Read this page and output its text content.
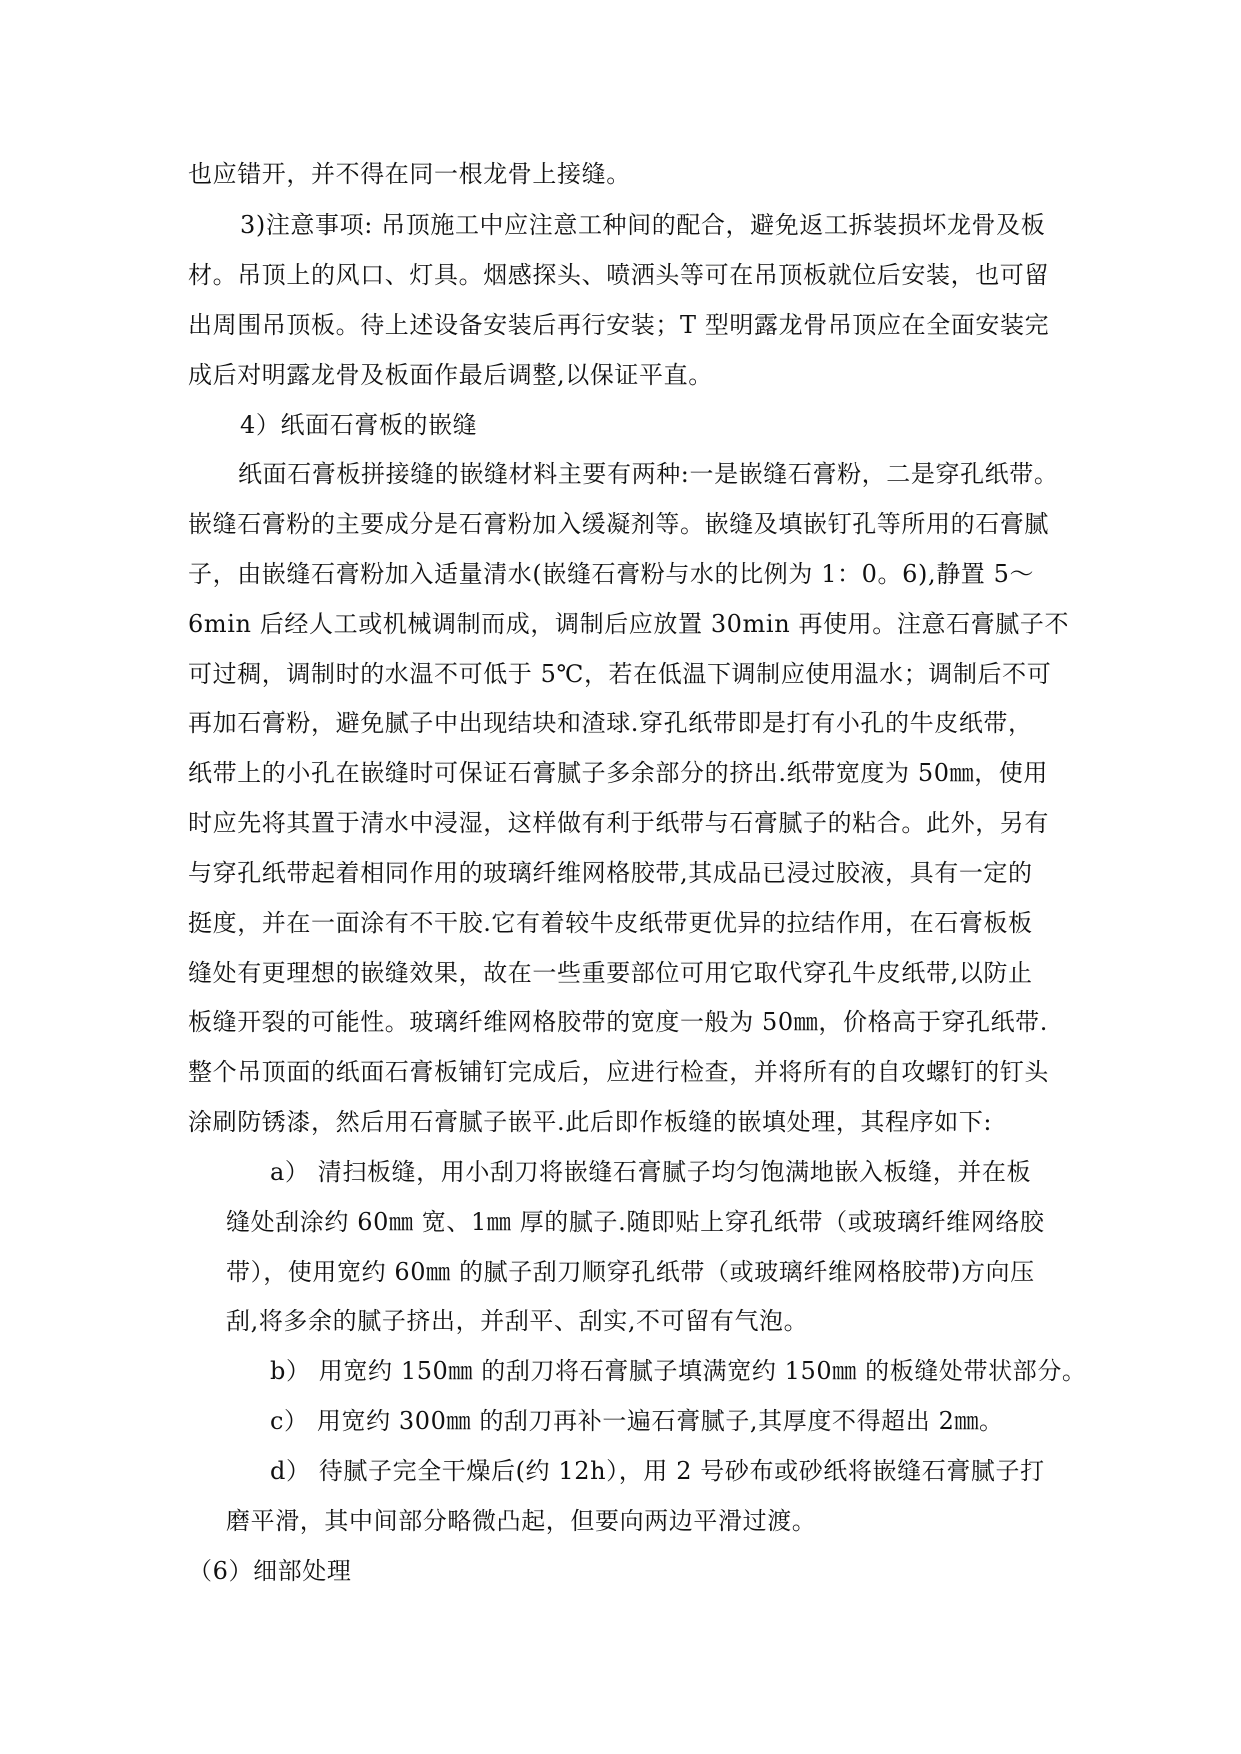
也应错开，并不得在同一根龙骨上接缝。
3)注意事项: 吊顶施工中应注意工种间的配合，避免返工拆装损坏龙骨及板
材。吊顶上的风口、灯具。烟感探头、喷洒头等可在吊顶板就位后安装，也可留
出周围吊顶板。待上述设备安装后再行安装；T 型明露龙骨吊顶应在全面安装完
成后对明露龙骨及板面作最后调整,以保证平直。
4）纸面石膏板的嵌缝
纸面石膏板拼接缝的嵌缝材料主要有两种:一是嵌缝石膏粉，二是穿孔纸带。
嵌缝石膏粉的主要成分是石膏粉加入缓凝剂等。嵌缝及填嵌钉孔等所用的石膏腻
子，由嵌缝石膏粉加入适量清水(嵌缝石膏粉与水的比例为 1：0。6),静置 5～
6min 后经人工或机械调制而成，调制后应放置 30min 再使用。注意石膏腻子不
可过稠，调制时的水温不可低于 5℃，若在低温下调制应使用温水；调制后不可
再加石膏粉，避免腻子中出现结块和渣球.穿孔纸带即是打有小孔的牛皮纸带，
纸带上的小孔在嵌缝时可保证石膏腻子多余部分的挤出.纸带宽度为 50㎜，使用
时应先将其置于清水中浸湿，这样做有利于纸带与石膏腻子的粘合。此外，另有
与穿孔纸带起着相同作用的玻璃纤维网格胶带,其成品已浸过胶液，具有一定的
挺度，并在一面涂有不干胶.它有着较牛皮纸带更优异的拉结作用，在石膏板板
缝处有更理想的嵌缝效果，故在一些重要部位可用它取代穿孔牛皮纸带,以防止
板缝开裂的可能性。玻璃纤维网格胶带的宽度一般为 50㎜，价格高于穿孔纸带.
整个吊顶面的纸面石膏板铺钉完成后，应进行检查，并将所有的自攻螺钉的钉头
涂刷防锈漆，然后用石膏腻子嵌平.此后即作板缝的嵌填处理，其程序如下:
a） 清扫板缝，用小刮刀将嵌缝石膏腻子均匀饱满地嵌入板缝，并在板
缝处刮涂约 60㎜ 宽、1㎜ 厚的腻子.随即贴上穿孔纸带（或玻璃纤维网络胶
带），使用宽约 60㎜ 的腻子刮刀顺穿孔纸带（或玻璃纤维网格胶带)方向压
刮,将多余的腻子挤出，并刮平、刮实,不可留有气泡。
b） 用宽约 150㎜ 的刮刀将石膏腻子填满宽约 150㎜ 的板缝处带状部分。
c） 用宽约 300㎜ 的刮刀再补一遍石膏腻子,其厚度不得超出 2㎜。
d） 待腻子完全干燥后(约 12h），用 2 号砂布或砂纸将嵌缝石膏腻子打
磨平滑，其中间部分略微凸起，但要向两边平滑过渡。
（6）细部处理
